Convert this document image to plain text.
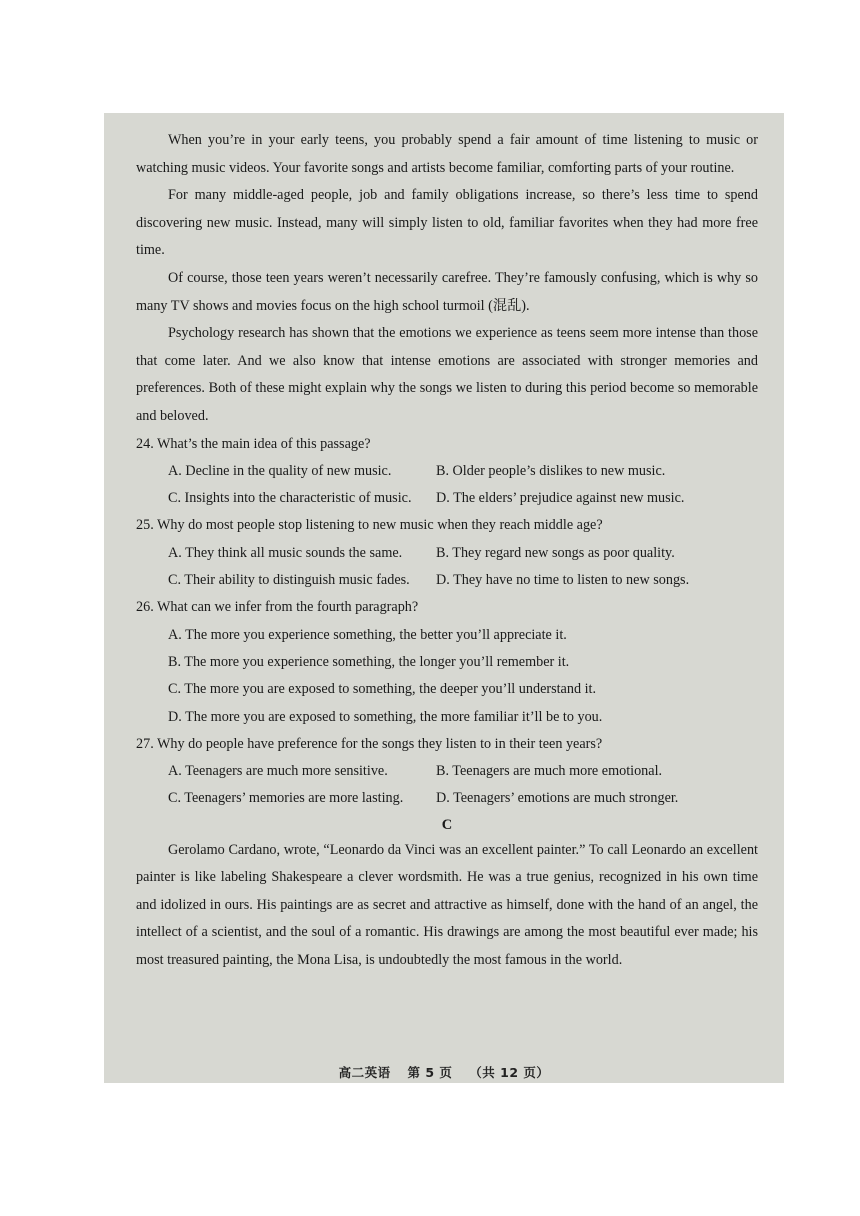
When you’re in your early teens, you probably spend a fair amount of time listening to music or watching music videos. Your favorite songs and artists become familiar, comforting parts of your routine.

For many middle-aged people, job and family obligations increase, so there’s less time to spend discovering new music. Instead, many will simply listen to old, familiar favorites when they had more free time.

Of course, those teen years weren’t necessarily carefree. They’re famously confusing, which is why so many TV shows and movies focus on the high school turmoil (混乱).

Psychology research has shown that the emotions we experience as teens seem more intense than those that come later. And we also know that intense emotions are associated with stronger memories and preferences. Both of these might explain why the songs we listen to during this period become so memorable and beloved.

24. What’s the main idea of this passage?

A. Decline in the quality of new music.	B. Older people’s dislikes to new music.
C. Insights into the characteristic of music.	D. The elders’ prejudice against new music.

25. Why do most people stop listening to new music when they reach middle age?

A. They think all music sounds the same.	B. They regard new songs as poor quality.
C. Their ability to distinguish music fades.	D. They have no time to listen to new songs.

26. What can we infer from the fourth paragraph?

A. The more you experience something, the better you’ll appreciate it.
B. The more you experience something, the longer you’ll remember it.
C. The more you are exposed to something, the deeper you’ll understand it.
D. The more you are exposed to something, the more familiar it’ll be to you.

27. Why do people have preference for the songs they listen to in their teen years?

A. Teenagers are much more sensitive.	B. Teenagers are much more emotional.
C. Teenagers’ memories are more lasting.	D. Teenagers’ emotions are much stronger.

C

Gerolamo Cardano, wrote, “Leonardo da Vinci was an excellent painter.” To call Leonardo an excellent painter is like labeling Shakespeare a clever wordsmith. He was a true genius, recognized in his own time and idolized in ours. His paintings are as secret and attractive as himself, done with the hand of an angel, the intellect of a scientist, and the soul of a romantic. His drawings are among the most beautiful ever made; his most treasured painting, the Mona Lisa, is undoubtedly the most famous in the world.

高二英语 第 5 页 （共 12 页）
